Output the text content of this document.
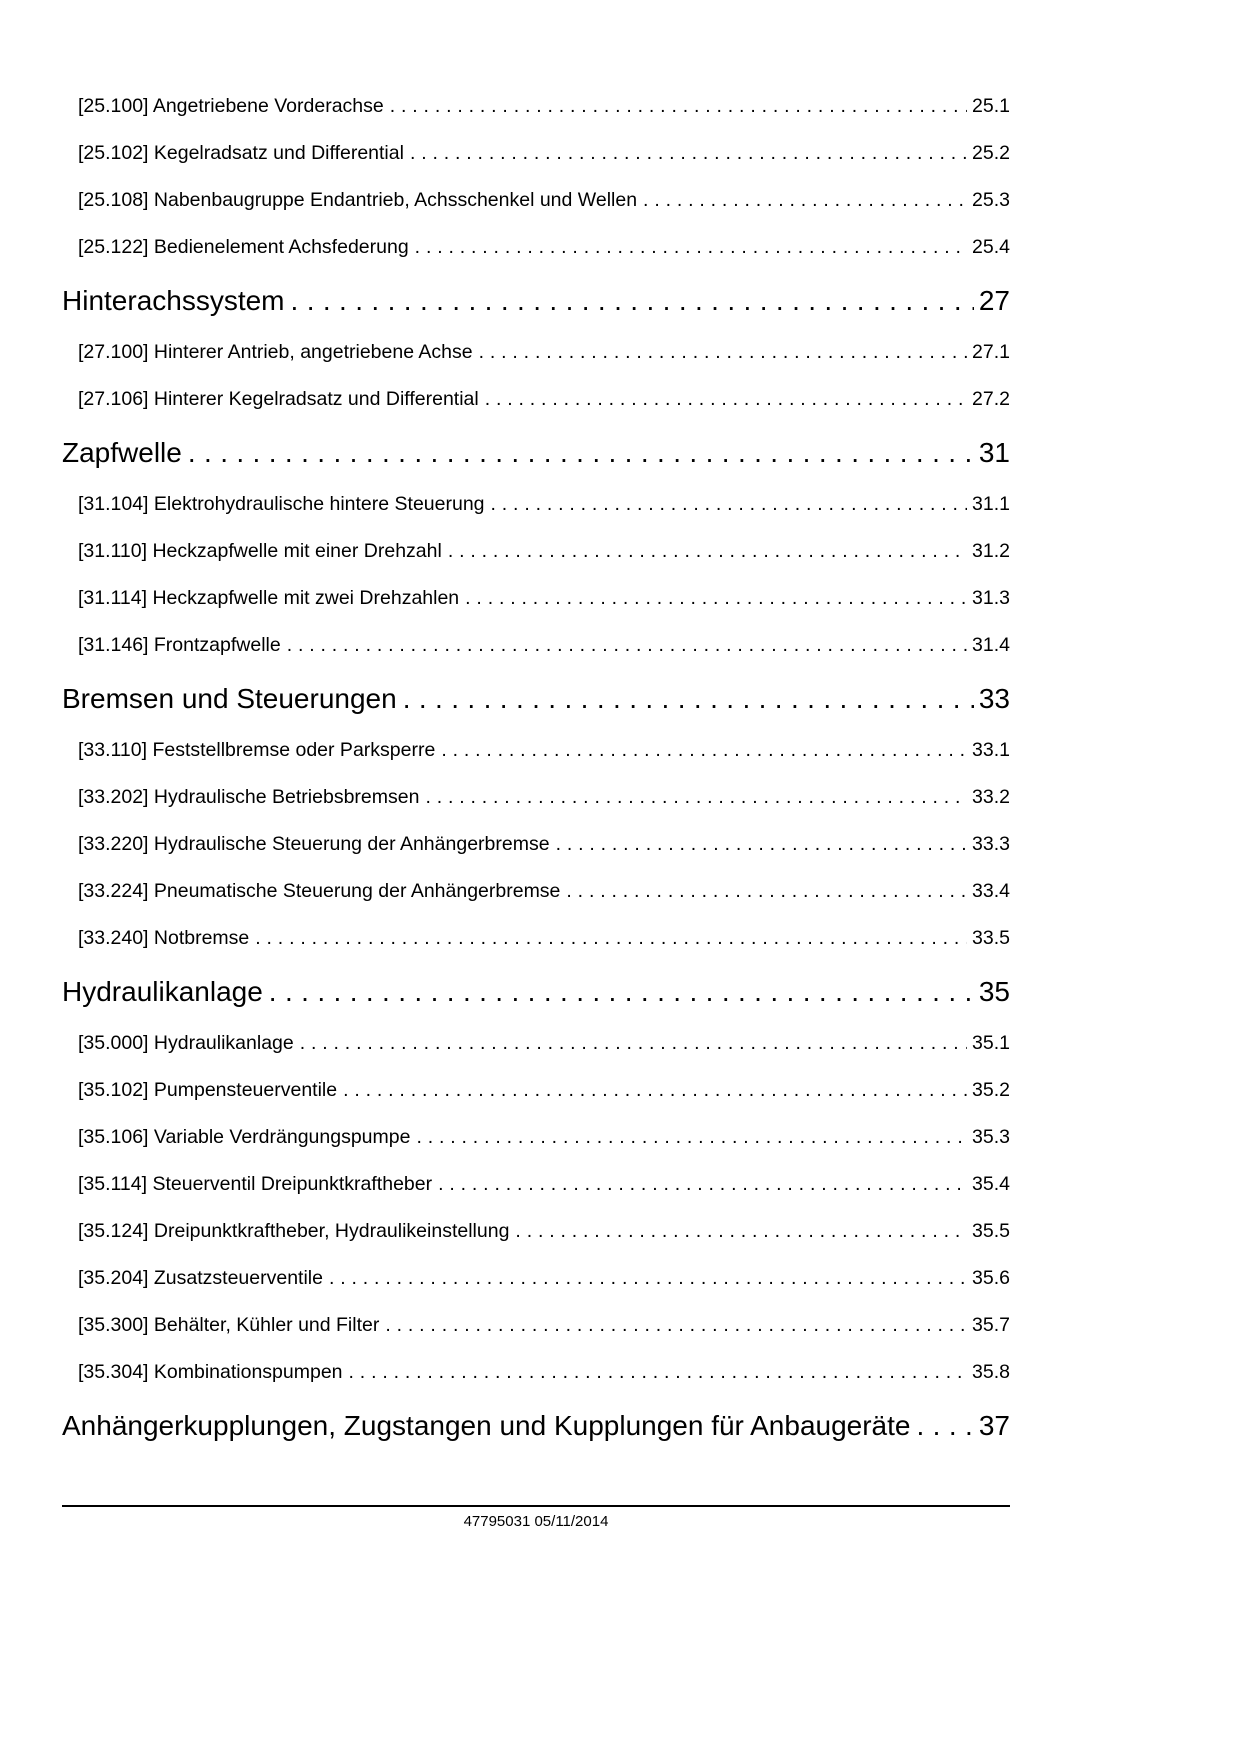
[25.100] Angetriebene Vorderachse .....	25.1
[25.102] Kegelradsatz und Differential .....	25.2
[25.108] Nabenbaugruppe Endantrieb, Achsschenkel und Wellen .....	25.3
[25.122] Bedienelement Achsfederung .....	25.4
Hinterachssystem .....	27
[27.100] Hinterer Antrieb, angetriebene Achse .....	27.1
[27.106] Hinterer Kegelradsatz und Differential .....	27.2
Zapfwelle .....	31
[31.104] Elektrohydraulische hintere Steuerung .....	31.1
[31.110] Heckzapfwelle mit einer Drehzahl .....	31.2
[31.114] Heckzapfwelle mit zwei Drehzahlen .....	31.3
[31.146] Frontzapfwelle .....	31.4
Bremsen und Steuerungen .....	33
[33.110] Feststellbremse oder Parksperre .....	33.1
[33.202] Hydraulische Betriebsbremsen .....	33.2
[33.220] Hydraulische Steuerung der Anhängerbremse .....	33.3
[33.224] Pneumatische Steuerung der Anhängerbremse .....	33.4
[33.240] Notbremse .....	33.5
Hydraulikanlage .....	35
[35.000] Hydraulikanlage .....	35.1
[35.102] Pumpensteuerventile .....	35.2
[35.106] Variable Verdrängungspumpe .....	35.3
[35.114] Steuerventil Dreipunktkraftheber .....	35.4
[35.124] Dreipunktkraftheber, Hydraulikeinstellung .....	35.5
[35.204] Zusatzsteuerventile .....	35.6
[35.300] Behälter, Kühler und Filter .....	35.7
[35.304] Kombinationspumpen .....	35.8
Anhängerkupplungen, Zugstangen und Kupplungen für Anbaugeräte ..... 37
47795031 05/11/2014
